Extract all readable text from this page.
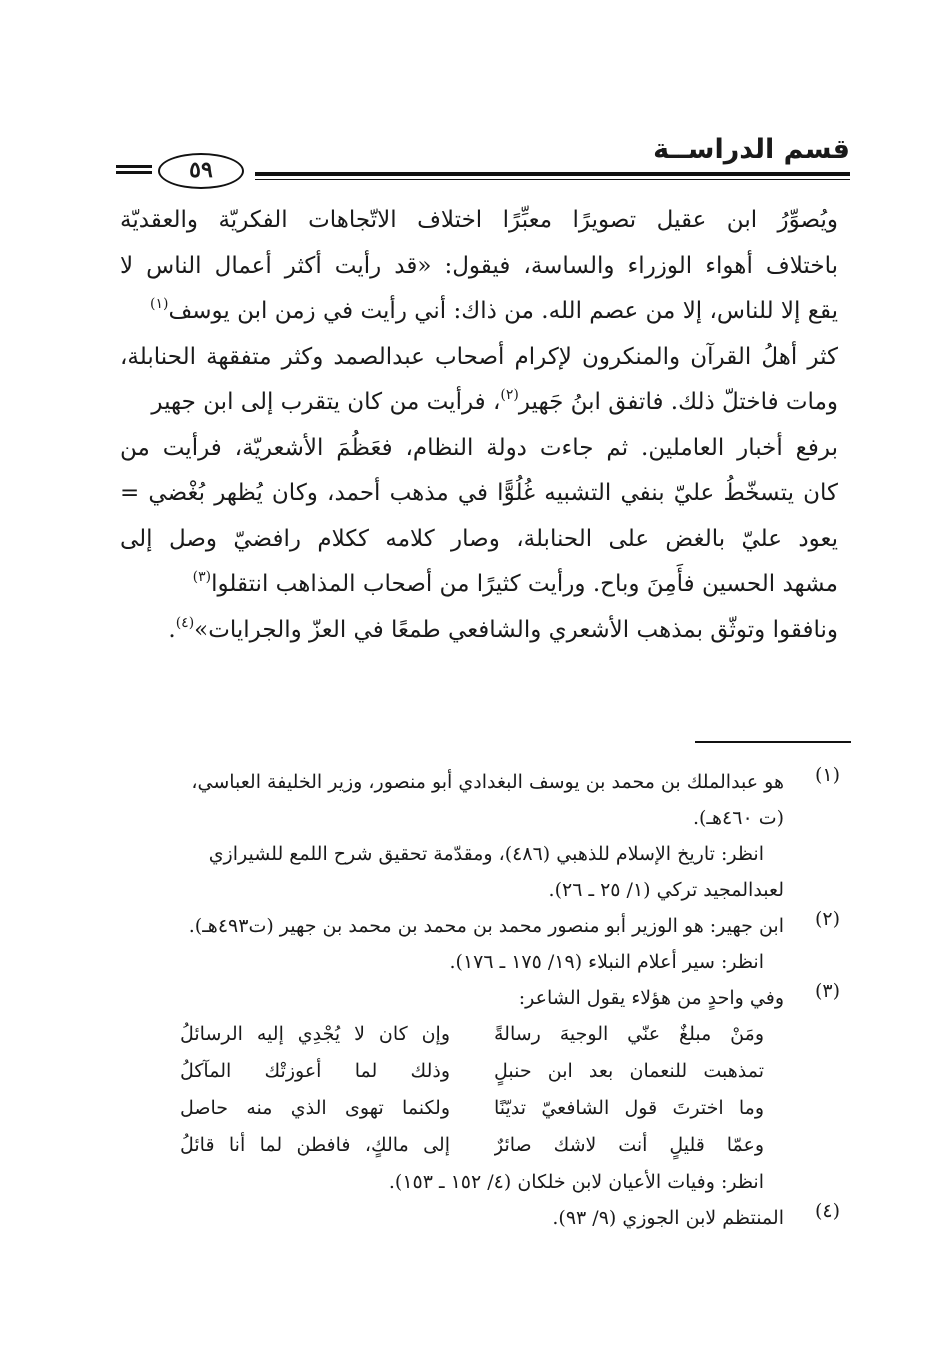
قسم الدراســة
٥٩
ويُصوِّرُ ابن عقيل تصويرًا معبِّرًا اختلاف الاتّجاهات الفكريّة والعقديّة
باختلاف أهواء الوزراء والساسة، فيقول: «قد رأيت أكثر أعمال الناس لا
يقع إلا للناس، إلا من عصم الله. من ذاك: أني رأيت في زمن ابن يوسف$^{(١)}$
كثر أهلُ القرآن والمنكرون لإكرام أصحاب عبدالصمد وكثر متفقهة الحنابلة،
ومات فاختلّ ذلك. فاتفق ابنُ جَهير$^{(٢)}$، فرأيت من كان يتقرب إلى ابن جهير
برفع أخبار العاملين. ثم جاءت دولة النظام، فعَظُمَ الأشعريّة، فرأيت من
كان يتسخّطُ عليّ بنفي التشبيه غُلُوًّا في مذهب أحمد، وكان يُظهر بُغْضي =
يعود عليّ بالغض على الحنابلة، وصار كلامه ككلام رافضيّ وصل إلى
مشهد الحسين فأَمِنَ وباح. ورأيت كثيرًا من أصحاب المذاهب انتقلوا$^{(٣)}$
ونافقوا وتوثّق بمذهب الأشعري والشافعي طمعًا في العزّ والجرايات»$^{(٤)}$.
(١)
هو عبدالملك بن محمد بن يوسف البغدادي أبو منصور، وزير الخليفة العباسي،
(ت ٤٦٠هـ).
انظر: تاريخ الإسلام للذهبي (٤٨٦)، ومقدّمة تحقيق شرح اللمع للشيرازي
لعبدالمجيد تركي (١/ ٢٥ ـ ٢٦).
(٢)
ابن جهير: هو الوزير أبو منصور محمد بن محمد بن محمد بن جهير (ت٤٩٣هـ).
انظر: سير أعلام النبلاء (١٩/ ١٧٥ ـ ١٧٦).
(٣)
وفي واحدٍ من هؤلاء يقول الشاعر:
ومَنْ مبلغٌ عنّي الوجيهَ رسالةً
وإن كان لا يُجْدِي إليه الرسائلُ
تمذهبت للنعمان بعد ابن حنبلٍ
وذلك لما أعوزتْك المآكلُ
وما اخترتَ قول الشافعيّ تديّنًا
ولكنما تهوى الذي منه حاصل
وعمّا قليلٍ أنت لاشك صائرٌ
إلى مالكٍ، فافطن لما أنا قائلُ
انظر: وفيات الأعيان لابن خلكان (٤/ ١٥٢ ـ ١٥٣).
(٤)
المنتظم لابن الجوزي (٩/ ٩٣).
